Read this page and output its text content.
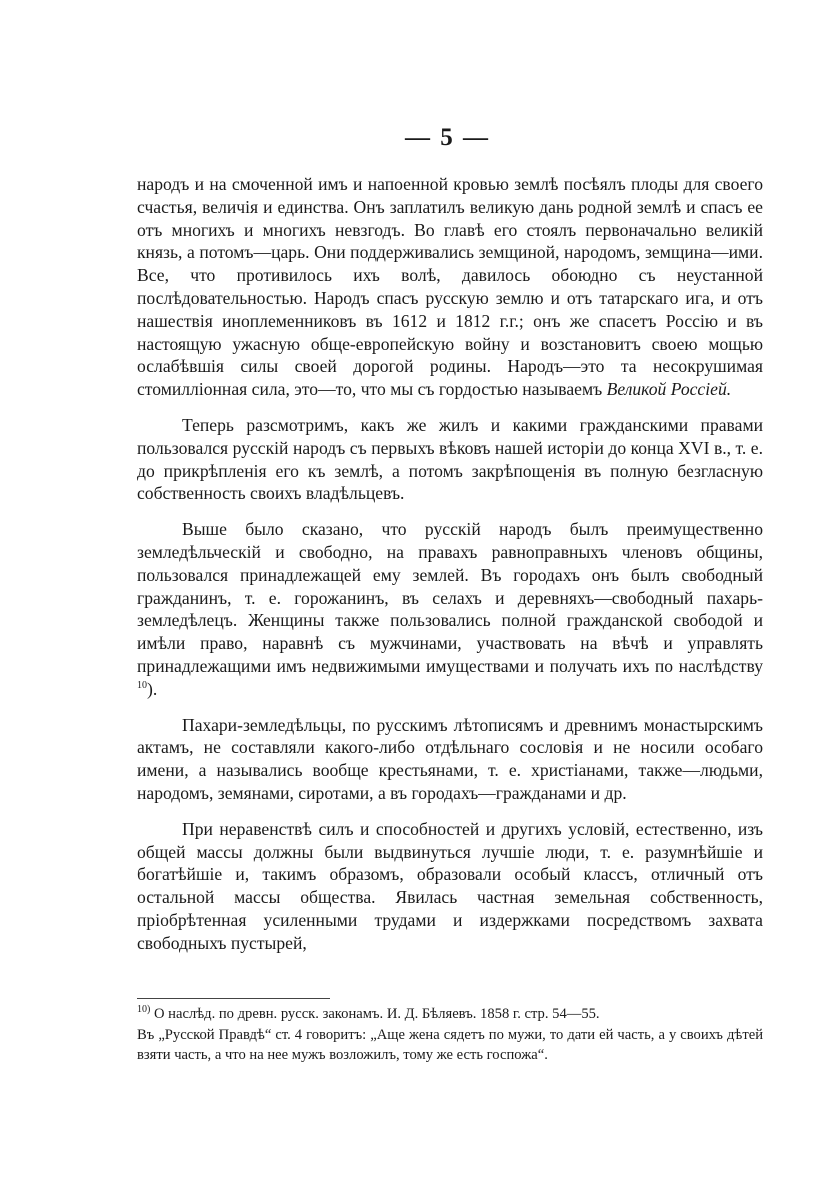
— 5 —

народъ и на смоченной имъ и напоенной кровью землѣ посѣялъ плоды для своего счастья, величія и единства. Онъ заплатилъ великую дань родной землѣ и спасъ ее отъ многихъ и многихъ невзгодъ. Во главѣ его стоялъ первоначально великій князь, а потомъ—царь. Они поддерживались земщиной, народомъ, земщина—ими. Все, что противилось ихъ волѣ, давилось обоюдно съ неустанной послѣдовательностью. Народъ спасъ русскую землю и отъ татарскаго ига, и отъ нашествія иноплеменниковъ въ 1612 и 1812 г.г.; онъ же спасетъ Россію и въ настоящую ужасную обще-европейскую войну и возстановитъ своею мощью ослабѣвшія силы своей дорогой родины. Народъ—это та несокрушимая стомилліонная сила, это—то, что мы съ гордостью называемъ Великой Россіей.

Теперь разсмотримъ, какъ же жилъ и какими гражданскими правами пользовался русскій народъ съ первыхъ вѣковъ нашей исторіи до конца XVI в., т. е. до прикрѣпленія его къ землѣ, а потомъ закрѣпощенія въ полную безгласную собственность своихъ владѣльцевъ.

Выше было сказано, что русскій народъ былъ преимущественно земледѣльческій и свободно, на правахъ равноправныхъ членовъ общины, пользовался принадлежащей ему землей. Въ городахъ онъ былъ свободный гражданинъ, т. е. горожанинъ, въ селахъ и деревняхъ—свободный пахарь-земледѣлецъ. Женщины также пользовались полной гражданской свободой и имѣли право, наравнѣ съ мужчинами, участвовать на вѣчѣ и управлять принадлежащими имъ недвижимыми имуществами и получать ихъ по наслѣдству $^{10}$).

Пахари-земледѣльцы, по русскимъ лѣтописямъ и древнимъ монастырскимъ актамъ, не составляли какого-либо отдѣльнаго сословія и не носили особаго имени, а назывались вообще крестьянами, т. е. христіанами, также—людьми, народомъ, земянами, сиротами, а въ городахъ—гражданами и др.

При неравенствѣ силъ и способностей и другихъ условій, естественно, изъ общей массы должны были выдвинуться лучшіе люди, т. е. разумнѣйшіе и богатѣйшіе и, такимъ образомъ, образовали особый классъ, отличный отъ остальной массы общества. Явилась частная земельная собственность, пріобрѣтенная усиленными трудами и издержками посредствомъ захвата свободныхъ пустырей,

$^{10)}$ О наслѣд. по древн. русск. законамъ. И. Д. Бѣляевъ. 1858 г. стр. 54—55.

Въ „Русской Правдѣ“ ст. 4 говоритъ: „Аще жена сядетъ по мужи, то дати ей часть, а у своихъ дѣтей взяти часть, а что на нее мужъ возложилъ, тому же есть госпожа“.
